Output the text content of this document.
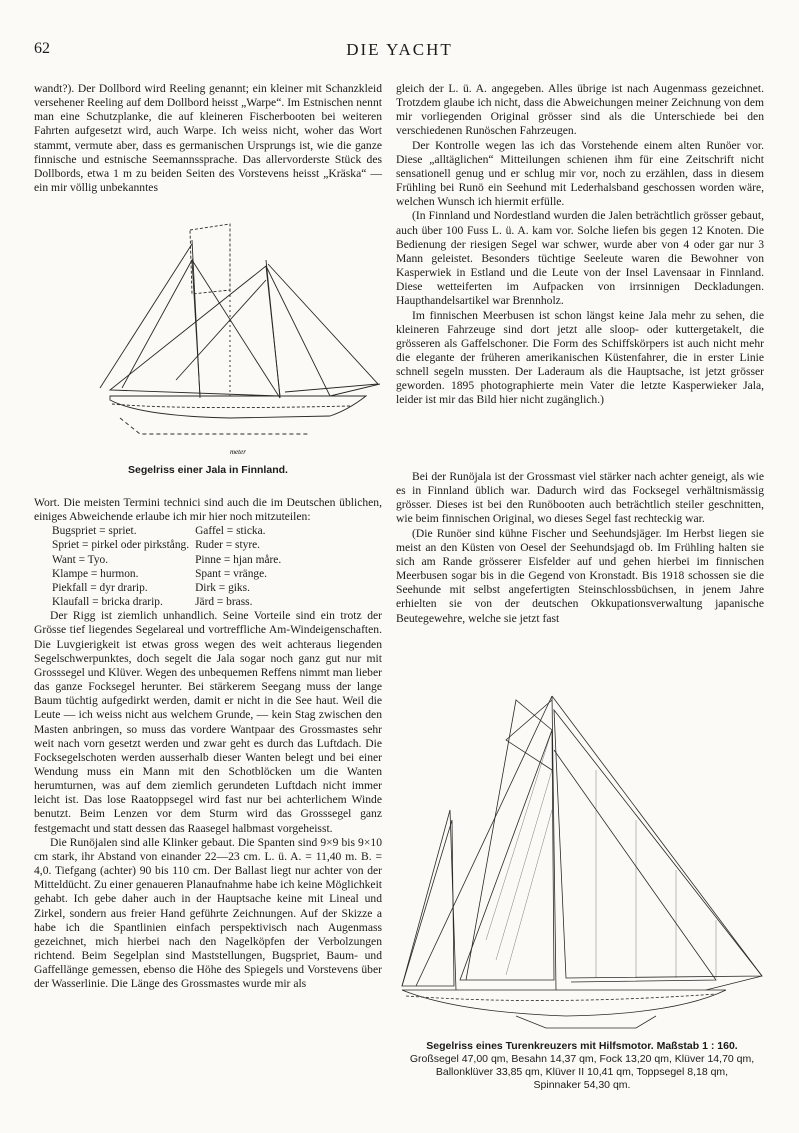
62	DIE YACHT

wandt?). Der Dollbord wird Reeling genannt; ein kleiner mit Schanzkleid versehener Reeling auf dem Dollbord heisst „Warpe“. Im Estnischen nennt man eine Schutzplanke, die auf kleineren Fischerbooten bei weiteren Fahrten aufgesetzt wird, auch Warpe. Ich weiss nicht, woher das Wort stammt, vermute aber, dass es germanischen Ursprungs ist, wie die ganze finnische und estnische Seemannssprache. Das allervorderste Stück des Dollbords, etwa 1 m zu beiden Seiten des Vorstevens heisst „Kräska“ — ein mir völlig unbekanntes

meter
Segelriss einer Jala in Finnland.

Wort. Die meisten Termini technici sind auch die im Deutschen üblichen, einiges Abweichende erlaube ich mir hier noch mitzuteilen:

Bugspriet = spriet.	Gaffel = sticka.
Spriet = pirkel oder pirkstång.	Ruder = styre.
Want = Tyo.	Pinne = hjan måre.
Klampe = hurmon.	Spant = vränge.
Piekfall = dyr drarip.	Dirk = giks.
Klaufall = bricka drarip.	Järd = brass.

Der Rigg ist ziemlich unhandlich. Seine Vorteile sind ein trotz der Grösse tief liegendes Segelareal und vortreffliche Am-Windeigenschaften. Die Luvgierigkeit ist etwas gross wegen des weit achteraus liegenden Segelschwerpunktes, doch segelt die Jala sogar noch ganz gut nur mit Grosssegel und Klüver. Wegen des unbequemen Reffens nimmt man lieber das ganze Focksegel herunter. Bei stärkerem Seegang muss der lange Baum tüchtig aufgedirkt werden, damit er nicht in die See haut. Weil die Leute — ich weiss nicht aus welchem Grunde, — kein Stag zwischen den Masten anbringen, so muss das vordere Wantpaar des Grossmastes sehr weit nach vorn gesetzt werden und zwar geht es durch das Luftdach. Die Focksegelschoten werden ausserhalb dieser Wanten belegt und bei einer Wendung muss ein Mann mit den Schotblöcken um die Wanten herumturnen, was auf dem ziemlich gerundeten Luftdach nicht immer leicht ist. Das lose Raatoppsegel wird fast nur bei achterlichem Winde benutzt. Beim Lenzen vor dem Sturm wird das Grosssegel ganz festgemacht und statt dessen das Raasegel halbmast vorgeheisst.

Die Runöjalen sind alle Klinker gebaut. Die Spanten sind 9×9 bis 9×10 cm stark, ihr Abstand von einander 22—23 cm. L. ü. A. = 11,40 m. B. = 4,0. Tiefgang (achter) 90 bis 110 cm. Der Ballast liegt nur achter von der Mitteldücht. Zu einer genaueren Planaufnahme habe ich keine Möglichkeit gehabt. Ich gebe daher auch in der Hauptsache keine mit Lineal und Zirkel, sondern aus freier Hand geführte Zeichnungen. Auf der Skizze a habe ich die Spantlinien einfach perspektivisch nach Augenmass gezeichnet, mich hierbei nach den Nagelköpfen der Verbolzungen richtend. Beim Segelplan sind Maststellungen, Bugspriet, Baum- und Gaffellänge gemessen, ebenso die Höhe des Spiegels und Vorstevens über der Wasserlinie. Die Länge des Grossmastes wurde mir als

gleich der L. ü. A. angegeben. Alles übrige ist nach Augenmass gezeichnet. Trotzdem glaube ich nicht, dass die Abweichungen meiner Zeichnung von dem mir vorliegenden Original grösser sind als die Unterschiede bei den verschiedenen Runöschen Fahrzeugen.

Der Kontrolle wegen las ich das Vorstehende einem alten Runöer vor. Diese „alltäglichen“ Mitteilungen schienen ihm für eine Zeitschrift nicht sensationell genug und er schlug mir vor, noch zu erzählen, dass in diesem Frühling bei Runö ein Seehund mit Lederhalsband geschossen worden wäre, welchen Wunsch ich hiermit erfülle.

(In Finnland und Nordestland wurden die Jalen beträchtlich grösser gebaut, auch über 100 Fuss L. ü. A. kam vor. Solche liefen bis gegen 12 Knoten. Die Bedienung der riesigen Segel war schwer, wurde aber von 4 oder gar nur 3 Mann geleistet. Besonders tüchtige Seeleute waren die Bewohner von Kasperwiek in Estland und die Leute von der Insel Lavensaar in Finnland. Diese wetteiferten im Aufpacken von irrsinnigen Deckladungen. Haupthandelsartikel war Brennholz.

Im finnischen Meerbusen ist schon längst keine Jala mehr zu sehen, die kleineren Fahrzeuge sind dort jetzt alle sloop- oder kuttergetakelt, die grösseren als Gaffelschoner. Die Form des Schiffskörpers ist auch nicht mehr die elegante der früheren amerikanischen Küstenfahrer, die in erster Linie schnell segeln mussten. Der Laderaum als die Hauptsache, ist jetzt grösser geworden. 1895 photographierte mein Vater die letzte Kasperwieker Jala, leider ist mir das Bild hier nicht zugänglich.)

Bei der Runöjala ist der Grossmast viel stärker nach achter geneigt, als wie es in Finnland üblich war. Dadurch wird das Focksegel verhältnismässig grösser. Dieses ist bei den Runöbooten auch beträchtlich steiler geschnitten, wie beim finnischen Original, wo dieses Segel fast rechteckig war.

(Die Runöer sind kühne Fischer und Seehundsjäger. Im Herbst liegen sie meist an den Küsten von Oesel der Seehundsjagd ob. Im Frühling halten sie sich am Rande grösserer Eisfelder auf und gehen hierbei im finnischen Meerbusen sogar bis in die Gegend von Kronstadt. Bis 1918 schossen sie die Seehunde mit selbst angefertigten Steinschlossbüchsen, in jenem Jahre erhielten sie von der deutschen Okkupationsverwaltung japanische Beutegewehre, welche sie jetzt fast

Segelriss eines Turenkreuzers mit Hilfsmotor. Maßstab 1 : 160.
Großsegel 47,00 qm, Besahn 14,37 qm, Fock 13,20 qm, Klüver 14,70 qm,
Ballonklüver 33,85 qm, Klüver II 10,41 qm, Toppsegel 8,18 qm,
Spinnaker 54,30 qm.
